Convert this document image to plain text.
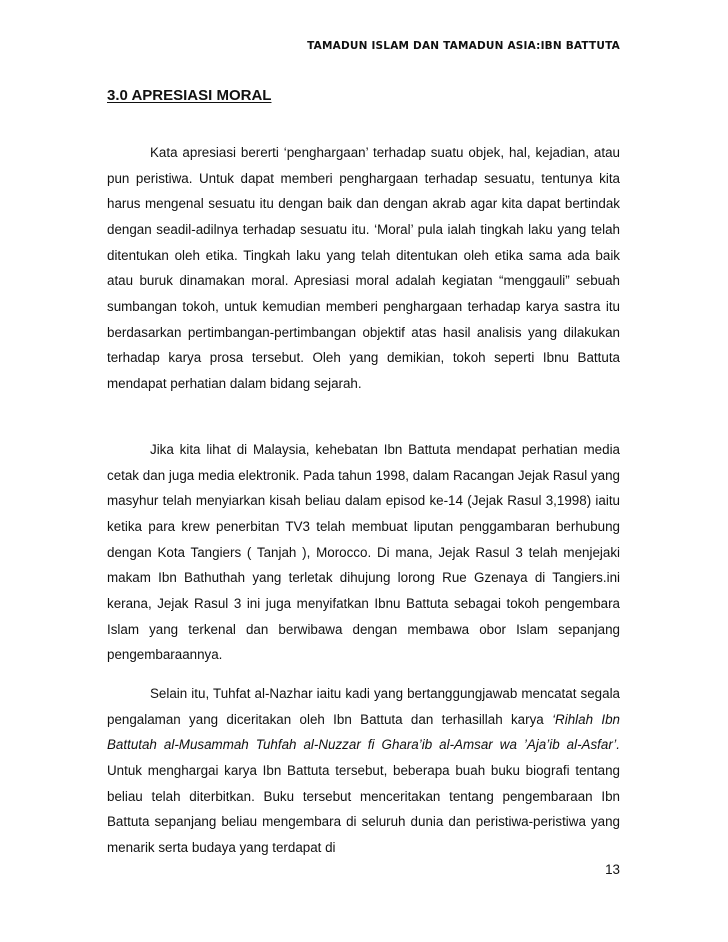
TAMADUN ISLAM DAN TAMADUN ASIA:IBN BATTUTA
3.0 APRESIASI MORAL

Kata apresiasi bererti ‘penghargaan’ terhadap suatu objek, hal, kejadian, atau pun peristiwa. Untuk dapat memberi penghargaan terhadap sesuatu, tentunya kita harus mengenal sesuatu itu dengan baik dan dengan akrab agar kita dapat bertindak dengan seadil-adilnya terhadap sesuatu itu. ‘Moral’ pula ialah tingkah laku yang telah ditentukan oleh etika. Tingkah laku yang telah ditentukan oleh etika sama ada baik atau buruk dinamakan moral. Apresiasi moral adalah kegiatan “menggauli” sebuah sumbangan tokoh, untuk kemudian memberi penghargaan terhadap karya sastra itu berdasarkan pertimbangan-pertimbangan objektif atas hasil analisis yang dilakukan terhadap karya prosa tersebut. Oleh yang demikian, tokoh seperti Ibnu Battuta mendapat perhatian dalam bidang sejarah.

Jika kita lihat di Malaysia, kehebatan Ibn Battuta mendapat perhatian media cetak dan juga media elektronik. Pada tahun 1998, dalam Racangan Jejak Rasul yang masyhur telah menyiarkan kisah beliau dalam episod ke-14 (Jejak Rasul 3,1998) iaitu ketika para krew penerbitan TV3 telah membuat liputan penggambaran berhubung dengan Kota Tangiers ( Tanjah ), Morocco. Di mana, Jejak Rasul 3 telah menjejaki makam Ibn Bathuthah yang terletak dihujung lorong Rue Gzenaya di Tangiers.ini kerana, Jejak Rasul 3 ini juga menyifatkan Ibnu Battuta sebagai tokoh pengembara Islam yang terkenal dan berwibawa dengan membawa obor Islam sepanjang pengembaraannya.

Selain itu, Tuhfat al-Nazhar iaitu kadi yang bertanggungjawab mencatat segala pengalaman yang diceritakan oleh Ibn Battuta dan terhasillah karya ‘Rihlah Ibn Battutah al-Musammah Tuhfah al-Nuzzar fi Ghara’ib al-Amsar wa ’Aja’ib al-Asfar’. Untuk menghargai karya Ibn Battuta tersebut, beberapa buah buku biografi tentang beliau telah diterbitkan. Buku tersebut menceritakan tentang pengembaraan Ibn Battuta sepanjang beliau mengembara di seluruh dunia dan peristiwa-peristiwa yang menarik serta budaya yang terdapat di

13
